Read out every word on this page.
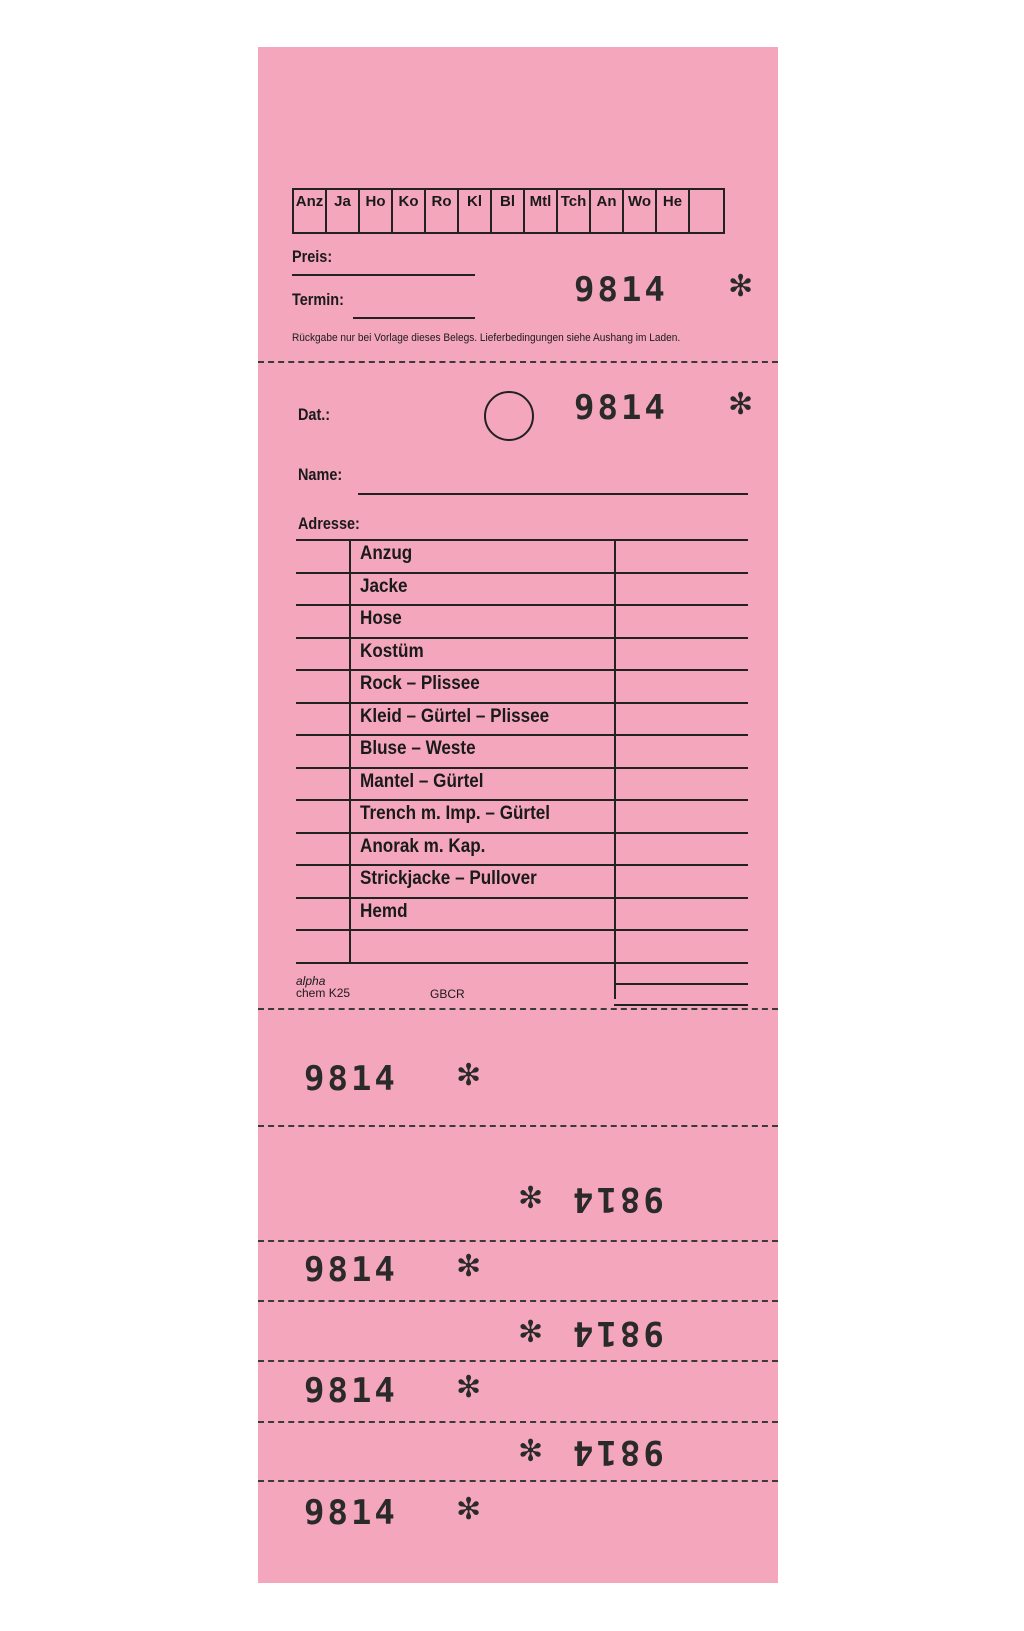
Anz Ja Ho Ko Ro	Kl	Bl Mtl Tch An Wo He
Preis:
Termin:	9814 ✻
Rückgabe nur bei Vorlage dieses Belegs. Lieferbedingungen siehe Aushang im Laden.
9814 ✻
Dat.:
Name:
Adresse:
Anzug
Jacke
Hose
Kostüm
Rock – Plissee
Kleid – Gürtel – Plissee
Bluse – Weste
Mantel – Gürtel
Trench m. Imp. – Gürtel
Anorak m. Kap.
Strickjacke – Pullover
Hemd
alpha
chem K25	GBCR
9814 ✻
9814
✻
9814 ✻
9814
✻
9814 ✻
9814
✻
9814 ✻
